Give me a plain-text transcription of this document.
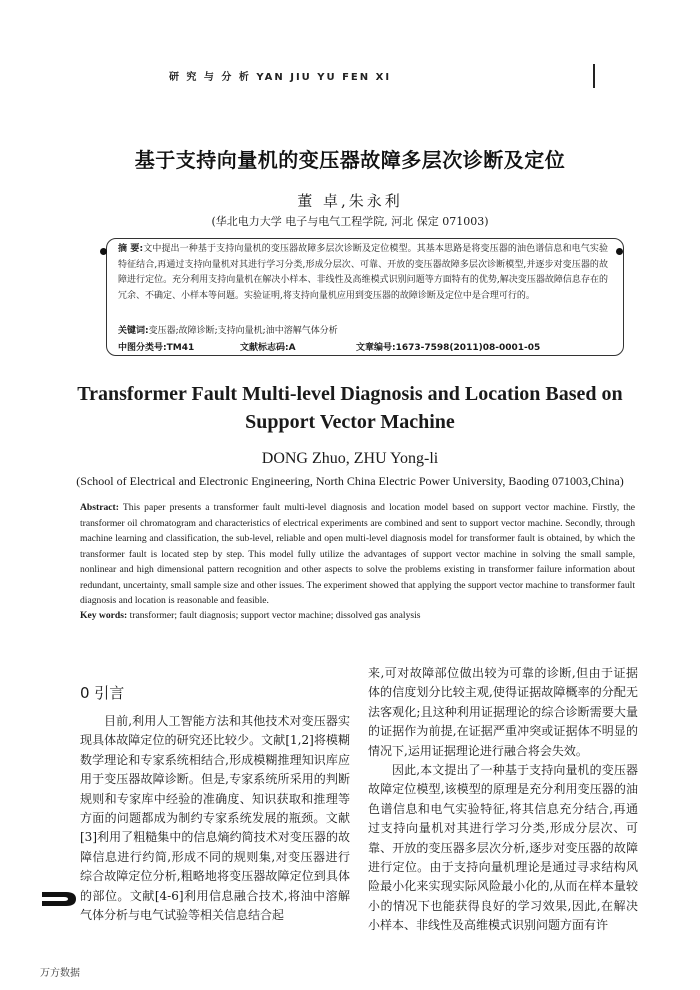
研 究 与 分 析 YAN JIU YU FEN XI
基于支持向量机的变压器故障多层次诊断及定位
董 卓,朱永利
(华北电力大学 电子与电气工程学院, 河北 保定 071003)
摘 要:文中提出一种基于支持向量机的变压器故障多层次诊断及定位模型。其基本思路是将变压器的油色谱信息和电气实验特征结合,再通过支持向量机对其进行学习分类,形成分层次、可靠、开放的变压器故障多层次诊断模型,并逐步对变压器的故障进行定位。充分利用支持向量机在解决小样本、非线性及高维模式识别问题等方面特有的优势,解决变压器故障信息存在的冗余、不确定、小样本等问题。实验证明,将支持向量机应用到变压器的故障诊断及定位中是合理可行的。
关键词:变压器;故障诊断;支持向量机;油中溶解气体分析
中图分类号:TM41	文献标志码:A	文章编号:1673-7598(2011)08-0001-05
Transformer Fault Multi-level Diagnosis and Location Based on
Support Vector Machine
DONG Zhuo, ZHU Yong-li
(School of Electrical and Electronic Engineering, North China Electric Power University, Baoding 071003,China)
Abstract: This paper presents a transformer fault multi-level diagnosis and location model based on support vector machine. Firstly, the transformer oil chromatogram and characteristics of electrical experiments are combined and sent to support vector machine. Secondly, through machine learning and classification, the sub-level, reliable and open multi-level diagnosis model for transformer fault is obtained, by which the transformer fault is located step by step. This model fully utilize the advantages of support vector machine in solving the small sample, nonlinear and high dimensional pattern recognition and other aspects to solve the problems existing in transformer failure information about redundant, uncertainty, small sample size and other issues. The experiment showed that applying the support vector machine to transformer fault diagnosis and location is reasonable and feasible.
Key words: transformer; fault diagnosis; support vector machine; dissolved gas analysis
0 引言
目前,利用人工智能方法和其他技术对变压器实现具体故障定位的研究还比较少。文献[1,2]将模糊数学理论和专家系统相结合,形成模糊推理知识库应用于变压器故障诊断。但是,专家系统所采用的判断规则和专家库中经验的准确度、知识获取和推理等方面的问题都成为制约专家系统发展的瓶颈。文献[3]利用了粗糙集中的信息熵约简技术对变压器的故障信息进行约简,形成不同的规则集,对变压器进行综合故障定位分析,粗略地将变压器故障定位到具体的部位。文献[4-6]利用信息融合技术,将油中溶解气体分析与电气试验等相关信息结合起

来,可对故障部位做出较为可靠的诊断,但由于证据体的信度划分比较主观,使得证据故障概率的分配无法客观化;且这种利用证据理论的综合诊断需要大量的证据作为前提,在证据严重冲突或证据体不明显的情况下,运用证据理论进行融合将会失效。

因此,本文提出了一种基于支持向量机的变压器故障定位模型,该模型的原理是充分利用变压器的油色谱信息和电气实验特征,将其信息充分结合,再通过支持向量机对其进行学习分类,形成分层次、可靠、开放的变压器多层次分析,逐步对变压器的故障进行定位。由于支持向量机理论是通过寻求结构风险最小化来实现实际风险最小化的,从而在样本量较小的情况下也能获得良好的学习效果,因此,在解决小样本、非线性及高维模式识别问题方面有许

万方数据
